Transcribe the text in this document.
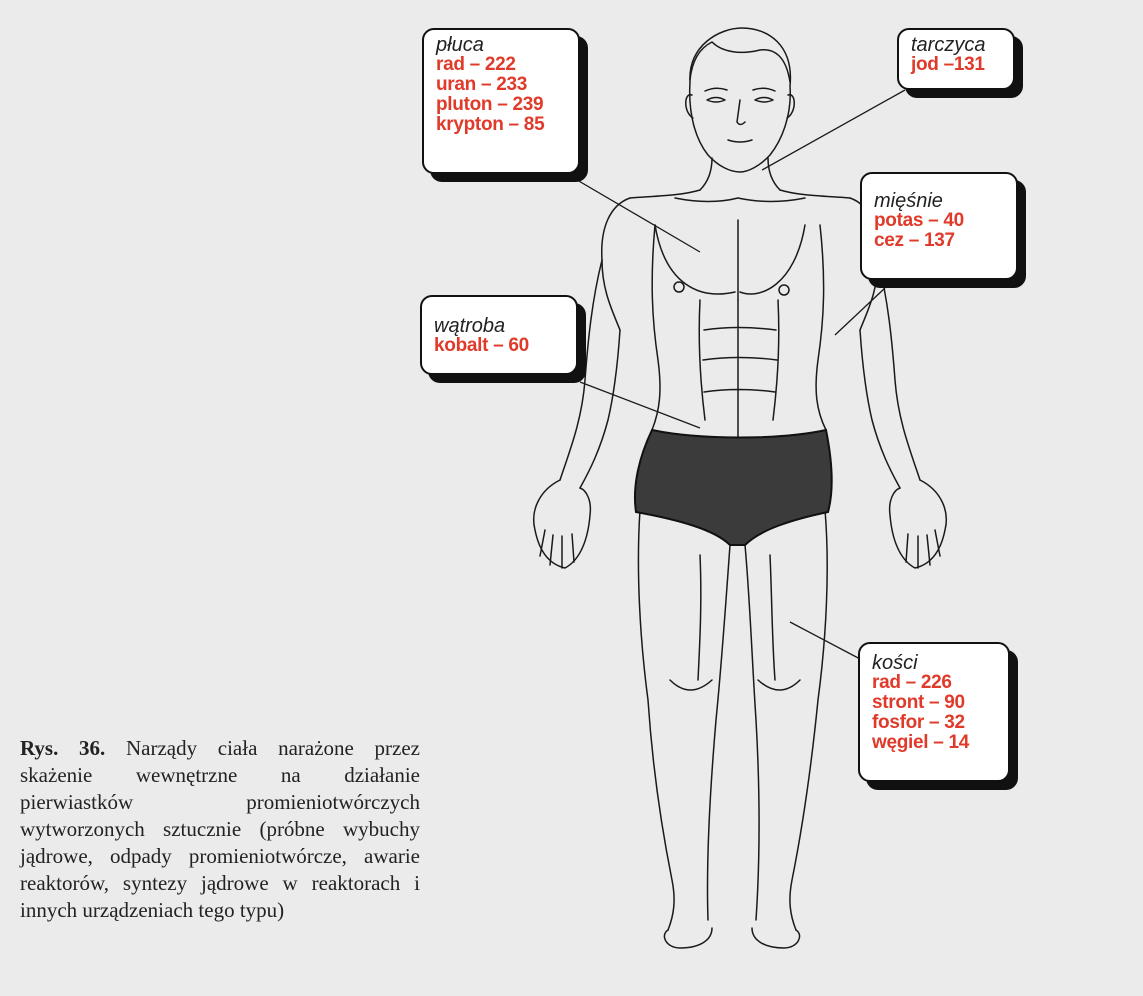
płuca
rad – 222
uran – 233
pluton – 239
krypton – 85
tarczyca
jod –131
mięśnie
potas – 40
cez – 137
wątroba
kobalt – 60
kości
rad – 226
stront – 90
fosfor – 32
węgiel – 14

Rys. 36. Narządy ciała narażone przez skażenie wewnętrzne na działanie pierwiastków promieniotwórczych wytworzonych sztucznie (próbne wybuchy jądrowe, odpady promieniotwórcze, awarie reaktorów, syntezy jądrowe w reaktorach i innych urządzeniach tego typu)
